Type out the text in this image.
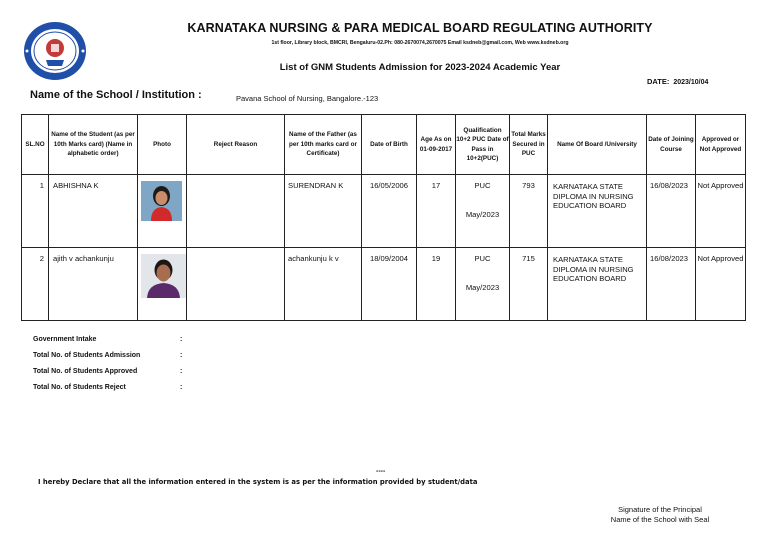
KARNATAKA NURSING & PARA MEDICAL BOARD REGULATING AUTHORITY
1st floor, Library block, BMCRI, Bengaluru-02.Ph: 080-2670074,2670075 Email ksdneb@gmail.com, Web www.ksdneb.org
List of GNM Students Admission for 2023-2024 Academic Year
DATE: 2023/10/04
Name of the School / Institution :	Pavana School of Nursing, Bangalore.-123
SL.NO	Name of the Student (as per 10th Marks card) (Name in alphabetic order)	Photo	Reject Reason	Name of the Father (as per 10th marks card or Certificate)	Date of Birth	Age As on 01-09-2017	Qualification 10+2 PUC Date of Pass in 10+2(PUC)	Total Marks Secured in PUC	Name Of Board /University	Date of Joining Course	Approved or Not Approved
1	ABHISHNA K			SURENDRAN K	16/05/2006	17	PUC
May/2023	793	KARNATAKA STATE DIPLOMA IN NURSING EDUCATION BOARD	16/08/2023	Not Approved
2	ajith v achankunju			achankunju k v	18/09/2004	19	PUC
May/2023	715	KARNATAKA STATE DIPLOMA IN NURSING EDUCATION BOARD	16/08/2023	Not Approved
Government Intake	:
Total No. of Students Admission	:
Total No. of Students Approved	:
Total No. of Students Reject	:
----
I hereby Declare that all the information entered in the system is as per the information provided by student/data
Signature of the Principal
Name of the School with Seal
